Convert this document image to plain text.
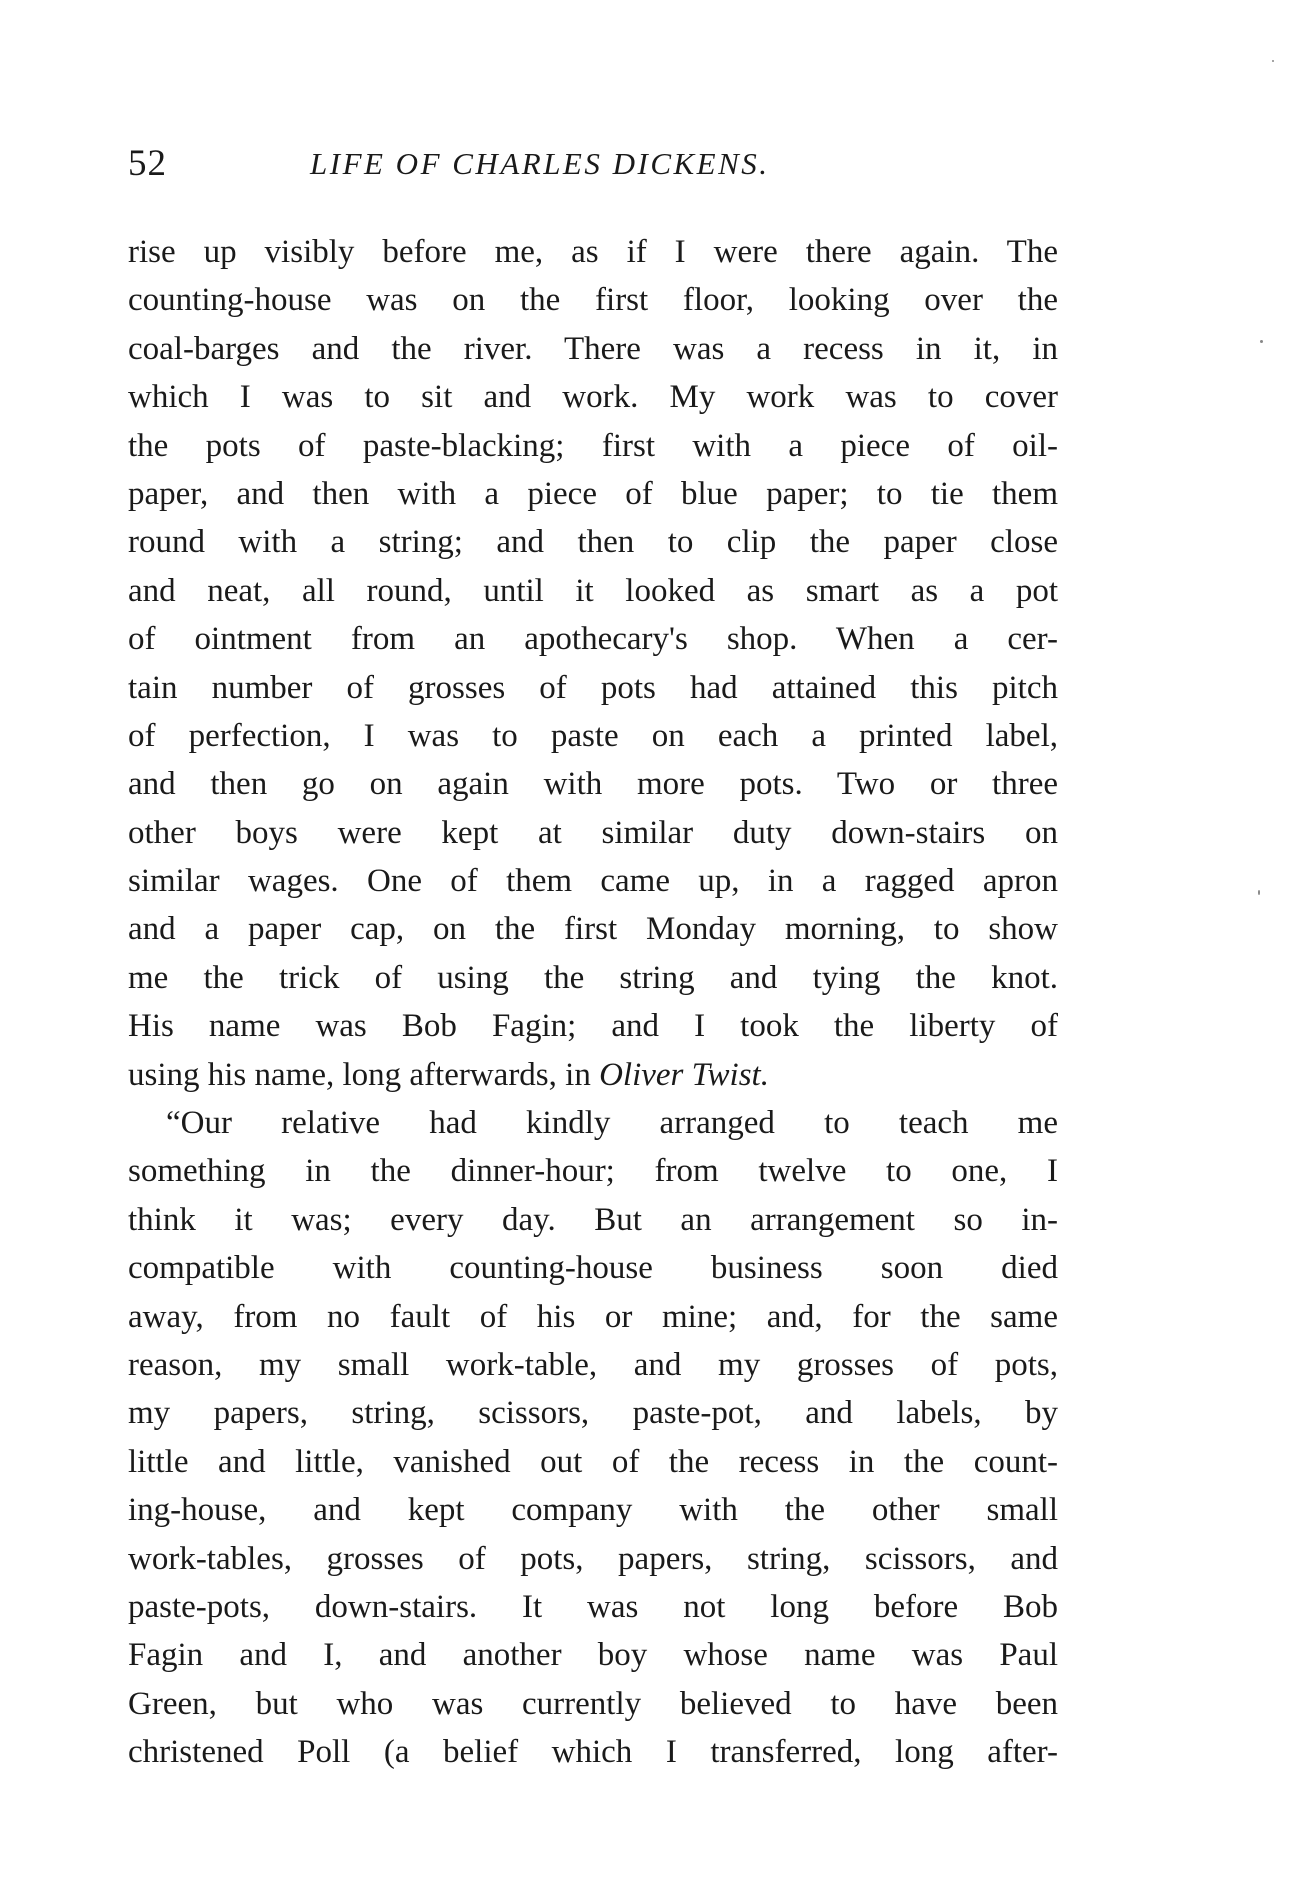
52	LIFE OF CHARLES DICKENS.
rise up visibly before me, as if I were there again. The
counting-house was on the first floor, looking over the
coal-barges and the river. There was a recess in it, in
which I was to sit and work. My work was to cover
the pots of paste-blacking; first with a piece of oil-
paper, and then with a piece of blue paper; to tie them
round with a string; and then to clip the paper close
and neat, all round, until it looked as smart as a pot
of ointment from an apothecary's shop. When a cer-
tain number of grosses of pots had attained this pitch
of perfection, I was to paste on each a printed label,
and then go on again with more pots. Two or three
other boys were kept at similar duty down-stairs on
similar wages. One of them came up, in a ragged apron
and a paper cap, on the first Monday morning, to show
me the trick of using the string and tying the knot.
His name was Bob Fagin; and I took the liberty of
using his name, long afterwards, in Oliver Twist.
“Our relative had kindly arranged to teach me
something in the dinner-hour; from twelve to one, I
think it was; every day. But an arrangement so in-
compatible with counting-house business soon died
away, from no fault of his or mine; and, for the same
reason, my small work-table, and my grosses of pots,
my papers, string, scissors, paste-pot, and labels, by
little and little, vanished out of the recess in the count-
ing-house, and kept company with the other small
work-tables, grosses of pots, papers, string, scissors, and
paste-pots, down-stairs. It was not long before Bob
Fagin and I, and another boy whose name was Paul
Green, but who was currently believed to have been
christened Poll (a belief which I transferred, long after-
